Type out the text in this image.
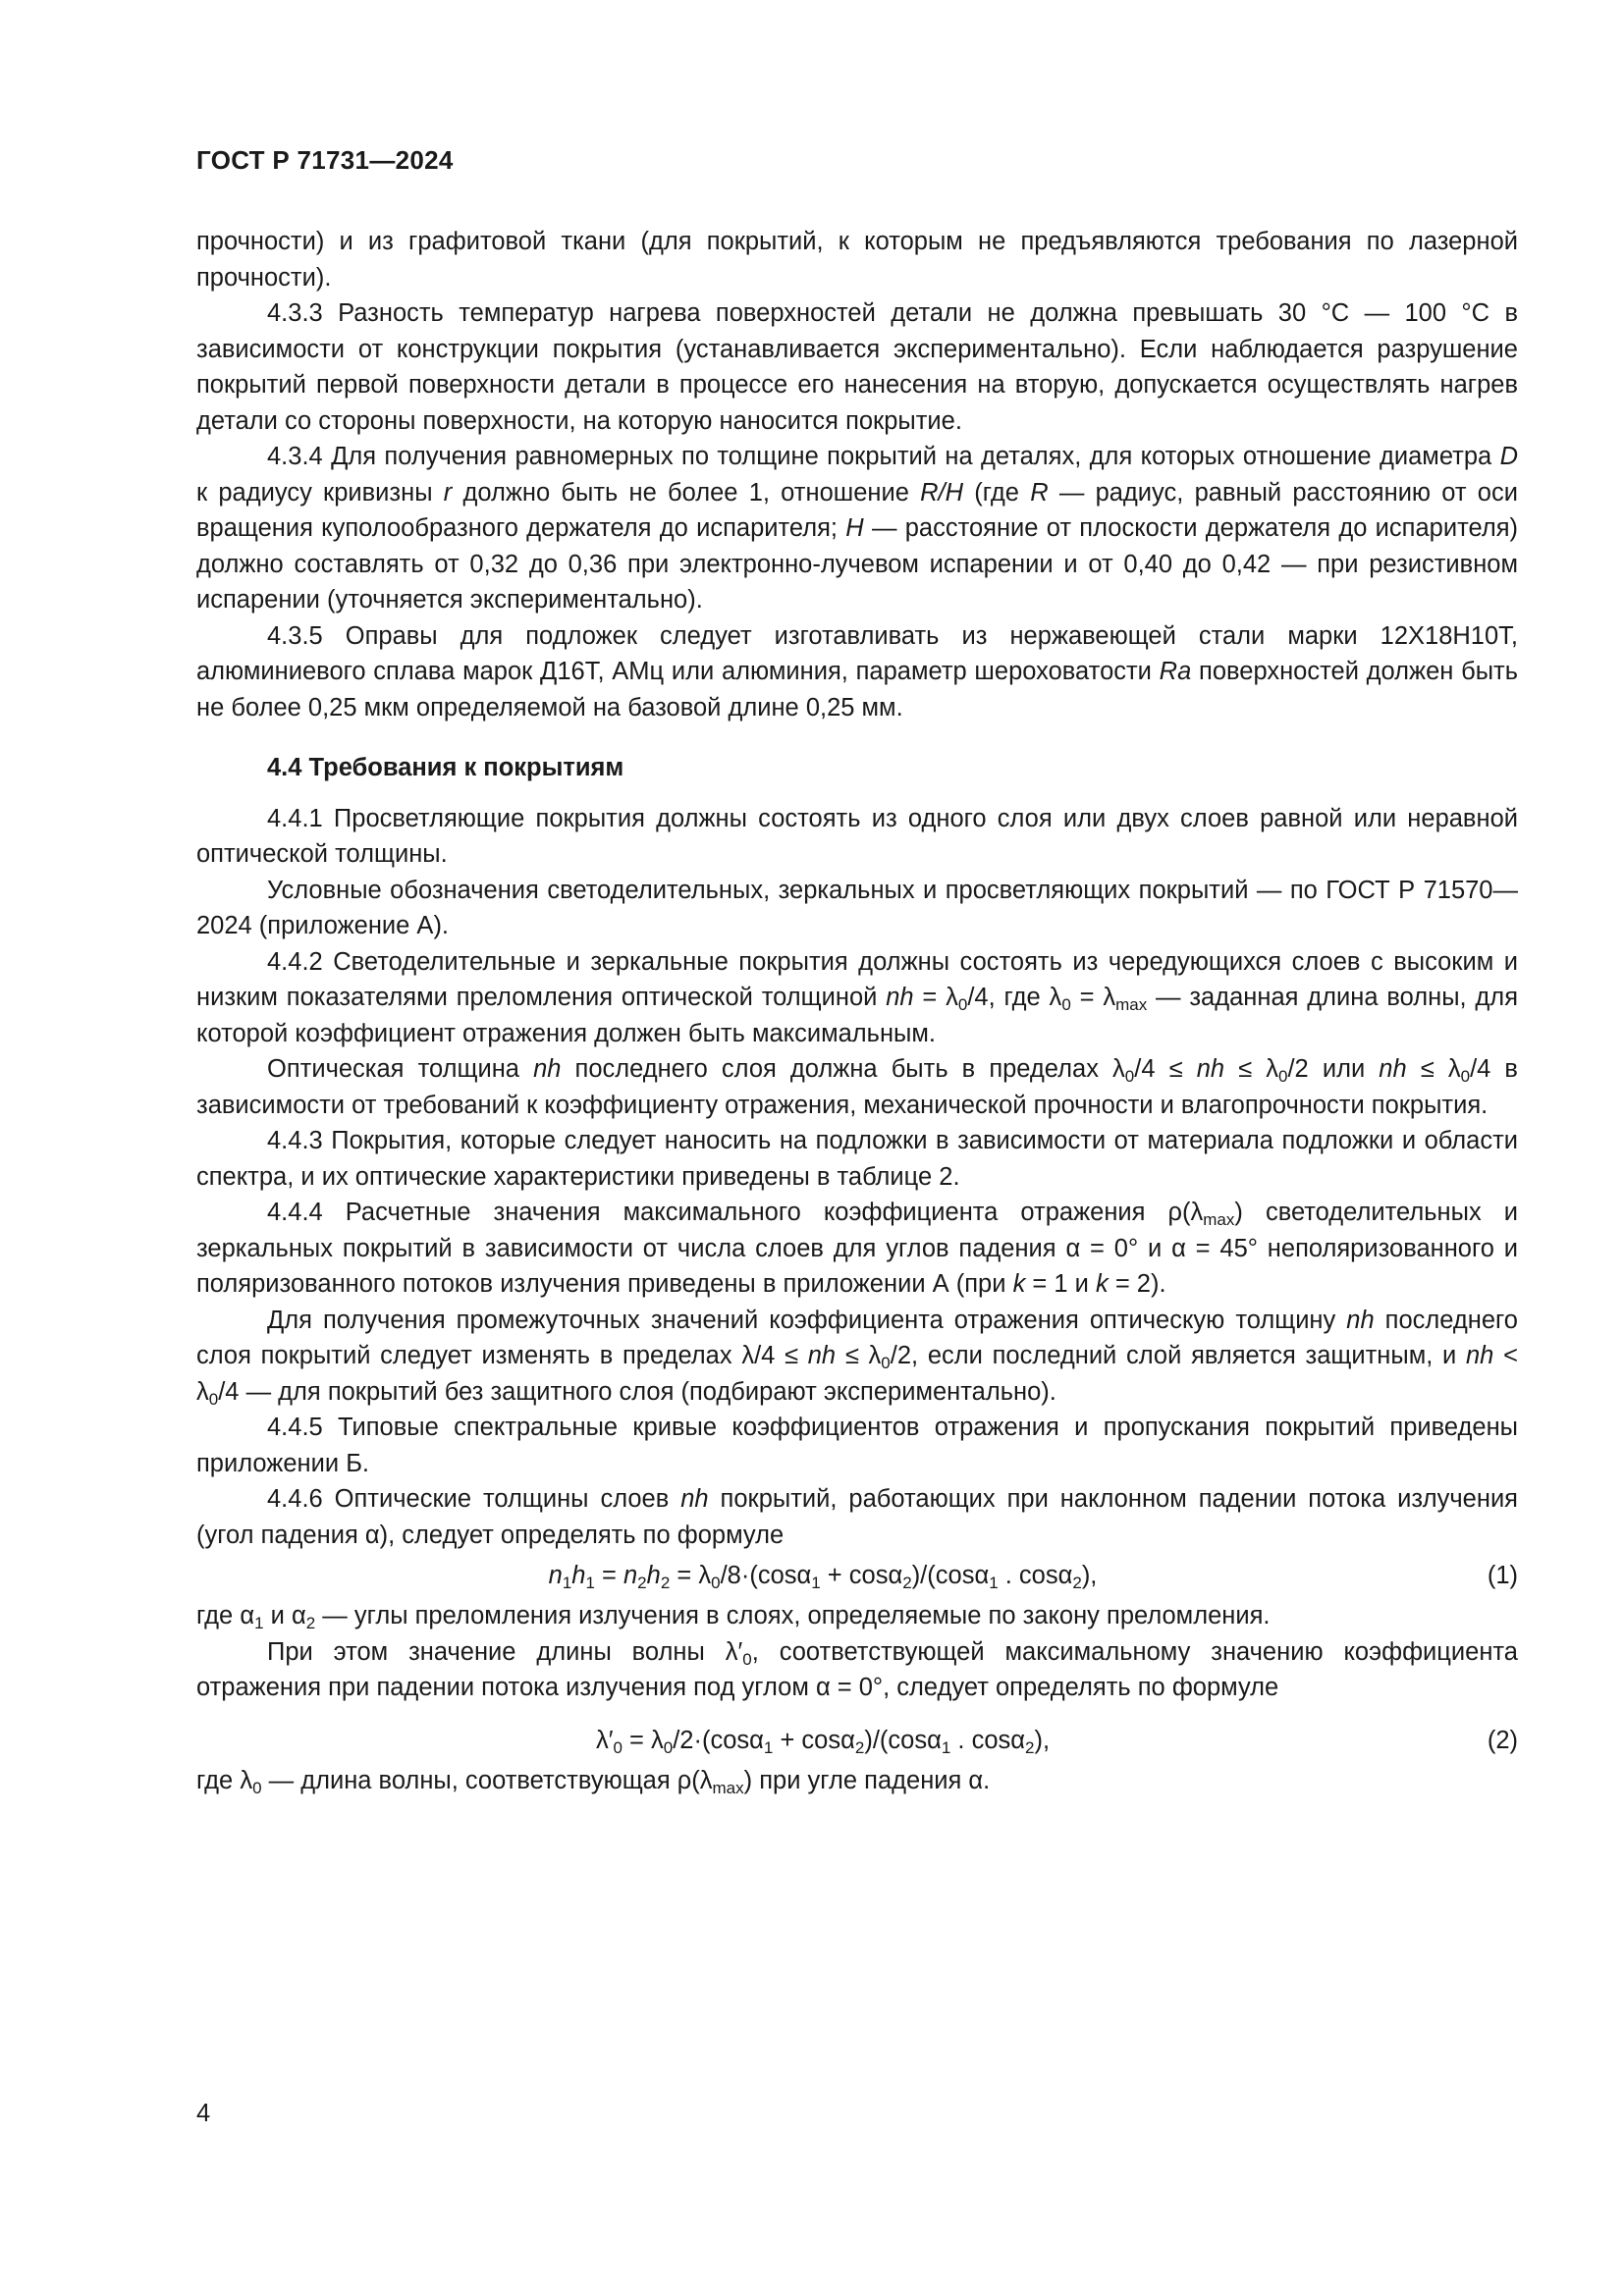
ГОСТ Р 71731—2024

прочности) и из графитовой ткани (для покрытий, к которым не предъявляются требования по лазерной прочности).

4.3.3 Разность температур нагрева поверхностей детали не должна превышать 30 °С — 100 °С в зависимости от конструкции покрытия (устанавливается экспериментально). Если наблюдается разрушение покрытий первой поверхности детали в процессе его нанесения на вторую, допускается осуществлять нагрев детали со стороны поверхности, на которую наносится покрытие.

4.3.4 Для получения равномерных по толщине покрытий на деталях, для которых отношение диаметра D к радиусу кривизны r должно быть не более 1, отношение R/H (где R — радиус, равный расстоянию от оси вращения куполообразного держателя до испарителя; H — расстояние от плоскости держателя до испарителя) должно составлять от 0,32 до 0,36 при электронно-лучевом испарении и от 0,40 до 0,42 — при резистивном испарении (уточняется экспериментально).

4.3.5 Оправы для подложек следует изготавливать из нержавеющей стали марки 12Х18Н10Т, алюминиевого сплава марок Д16Т, АМц или алюминия, параметр шероховатости Ra поверхностей должен быть не более 0,25 мкм определяемой на базовой длине 0,25 мм.

4.4 Требования к покрытиям

4.4.1 Просветляющие покрытия должны состоять из одного слоя или двух слоев равной или неравной оптической толщины.

Условные обозначения светоделительных, зеркальных и просветляющих покрытий — по ГОСТ Р 71570—2024 (приложение А).

4.4.2 Светоделительные и зеркальные покрытия должны состоять из чередующихся слоев с высоким и низким показателями преломления оптической толщиной nh = $\lambda_0/4$, где $\lambda_0 = \lambda_{max}$ — заданная длина волны, для которой коэффициент отражения должен быть максимальным.

Оптическая толщина nh последнего слоя должна быть в пределах $\lambda_0/4$ ≤ nh ≤ $\lambda_0/2$ или nh ≤ $\lambda_0/4$ в зависимости от требований к коэффициенту отражения, механической прочности и влагопрочности покрытия.

4.4.3 Покрытия, которые следует наносить на подложки в зависимости от материала подложки и области спектра, и их оптические характеристики приведены в таблице 2.

4.4.4 Расчетные значения максимального коэффициента отражения $\rho(\lambda_{max})$ светоделительных и зеркальных покрытий в зависимости от числа слоев для углов падения α = 0° и α = 45° неполяризованного и поляризованного потоков излучения приведены в приложении А (при k = 1 и k = 2).

Для получения промежуточных значений коэффициента отражения оптическую толщину nh последнего слоя покрытий следует изменять в пределах λ/4 ≤ nh ≤ $\lambda_0/2$, если последний слой является защитным, и nh < $\lambda_0/4$ — для покрытий без защитного слоя (подбирают экспериментально).

4.4.5 Типовые спектральные кривые коэффициентов отражения и пропускания покрытий приведены приложении Б.

4.4.6 Оптические толщины слоев nh покрытий, работающих при наклонном падении потока излучения (угол падения α), следует определять по формуле

$n_1h_1 = n_2h_2 = \lambda_0/8\cdot(\cos\alpha_1 + \cos\alpha_2)/(\cos\alpha_1$ . cosα$_2$),	(1)

где $\alpha_1$ и $\alpha_2$ — углы преломления излучения в слоях, определяемые по закону преломления.

При этом значение длины волны $\lambda'_0$, соответствующей максимальному значению коэффициента отражения при падении потока излучения под углом α = 0°, следует определять по формуле

$\lambda'_0 = \lambda_0/2\cdot(\cos\alpha_1 + \cos\alpha_2)/(\cos\alpha_1$ . cosα$_2$),	(2)

где $\lambda_0$ — длина волны, соответствующая $\rho(\lambda_{max})$ при угле падения α.

4
